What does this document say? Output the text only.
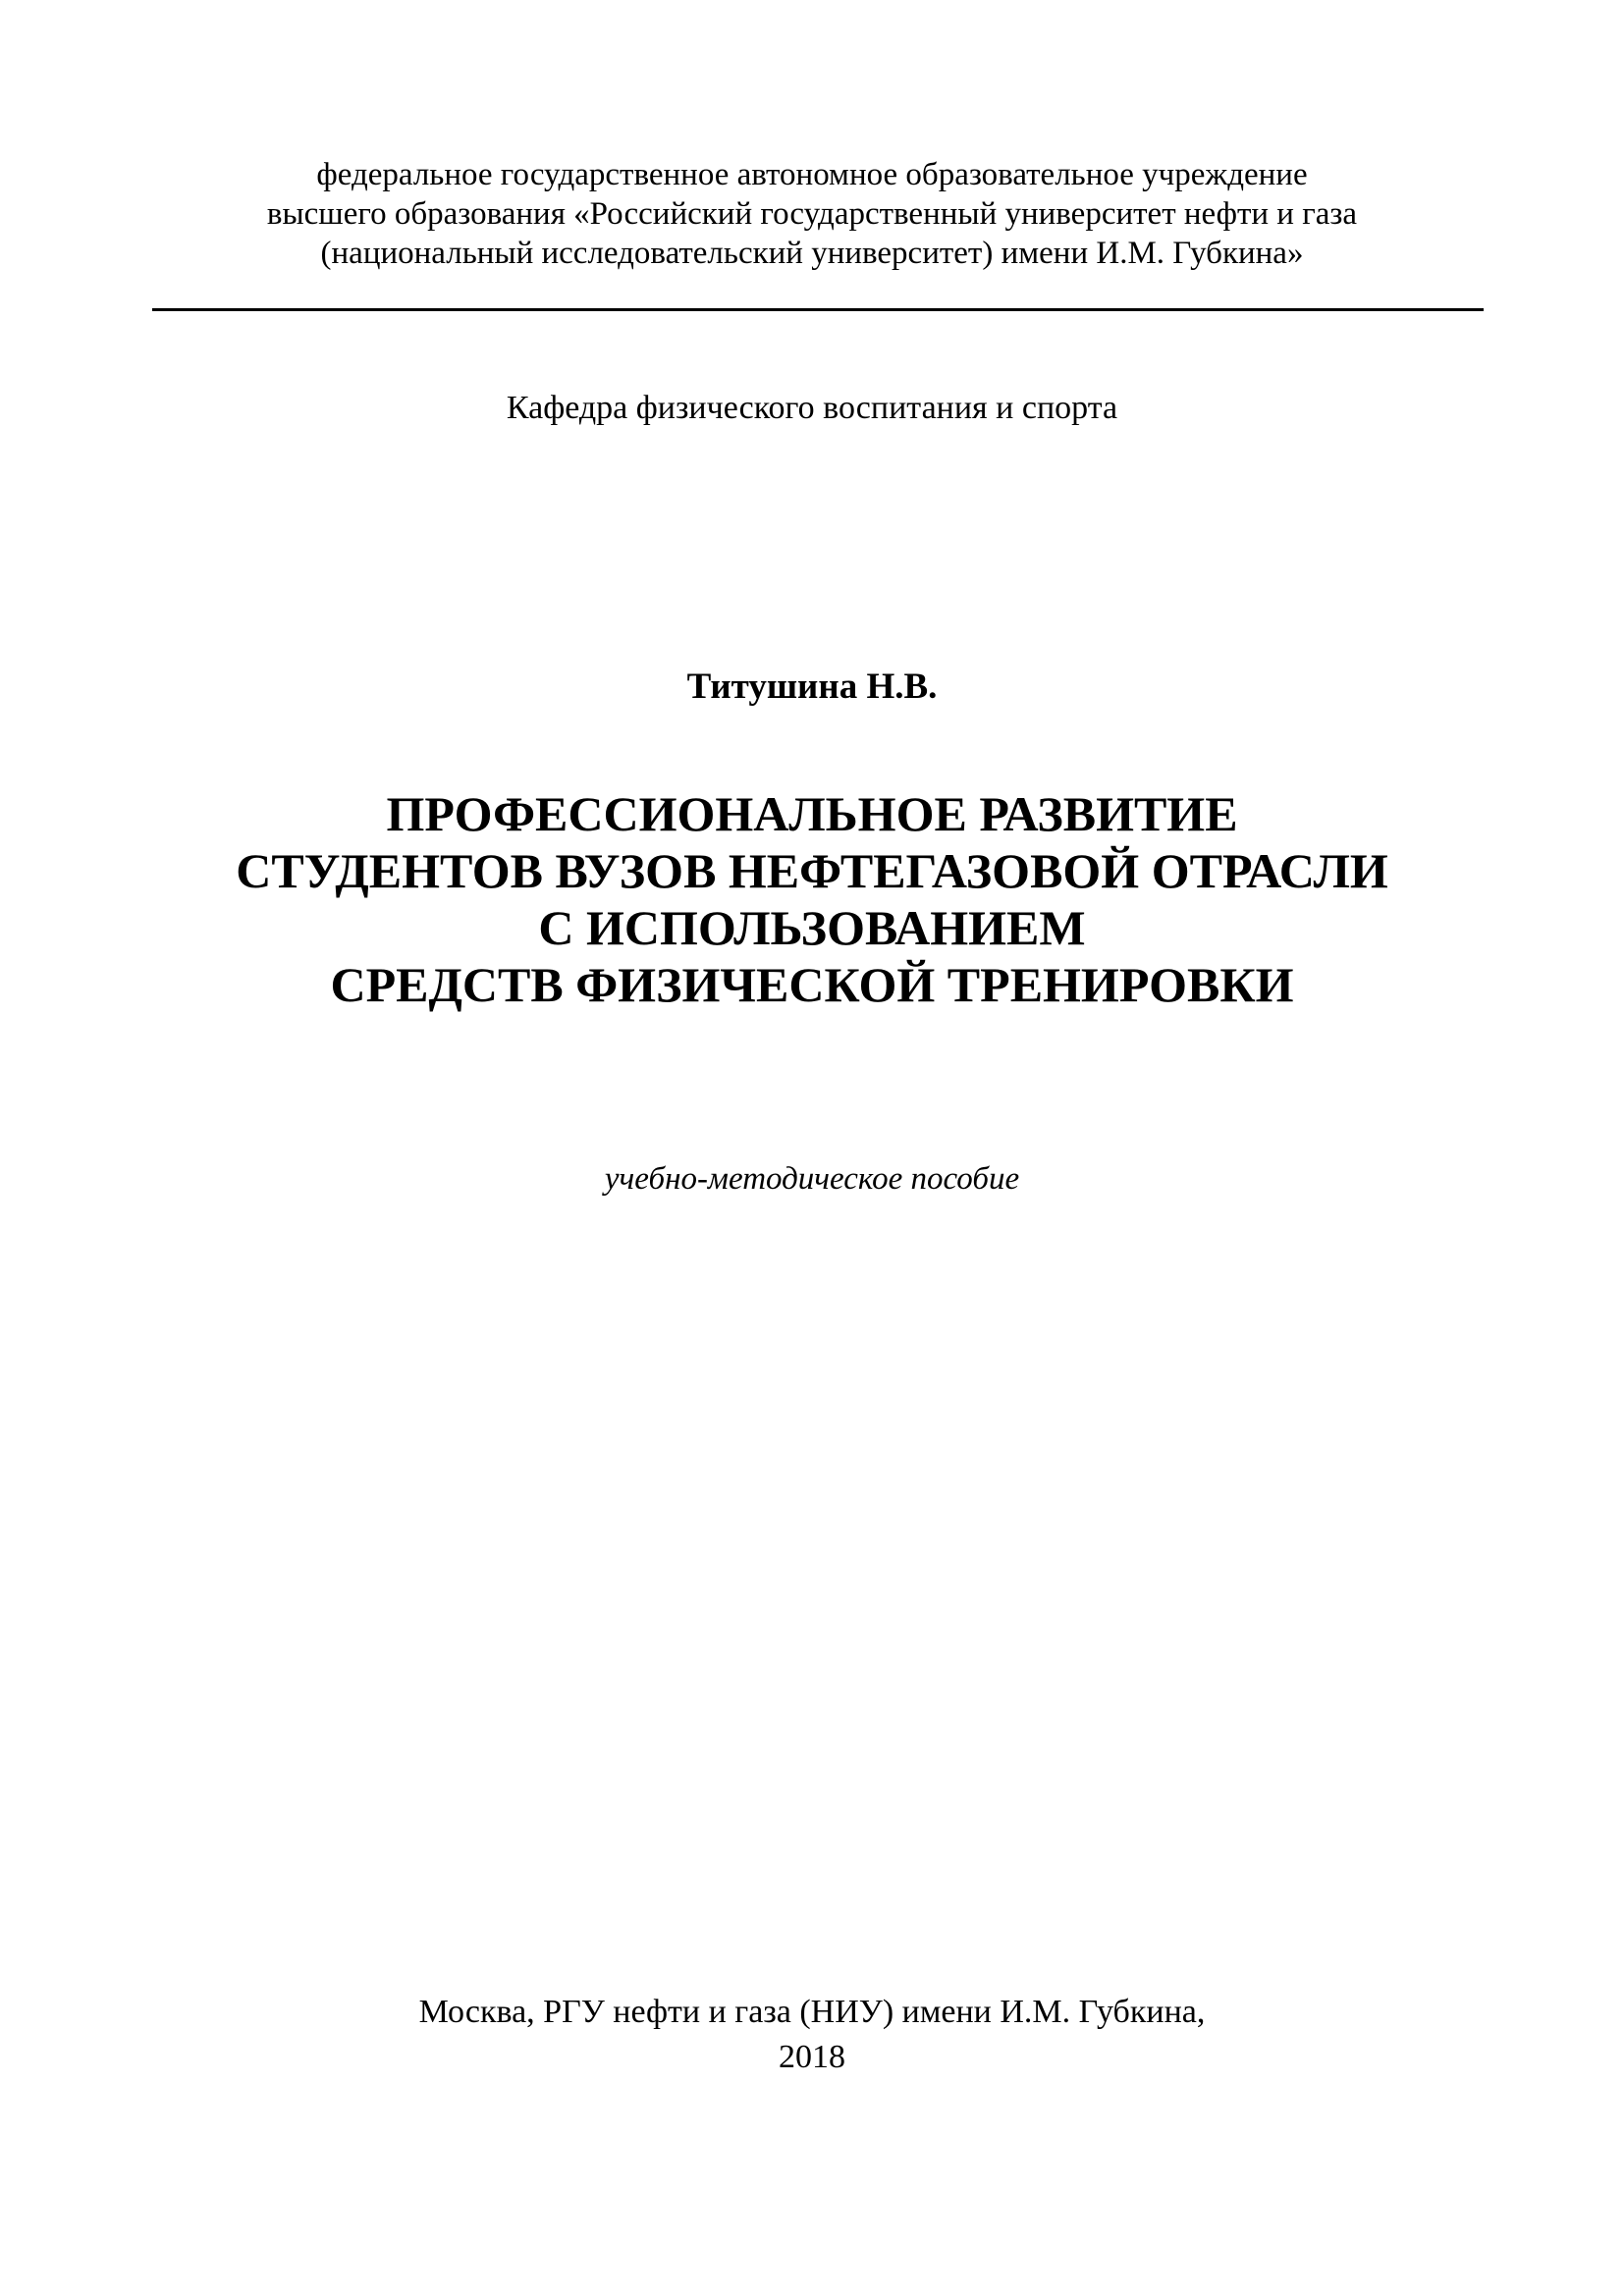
федеральное государственное автономное образовательное учреждение
высшего образования «Российский государственный университет нефти и газа
(национальный исследовательский университет) имени И.М. Губкина»
Кафедра физического воспитания и спорта
Титушина Н.В.
ПРОФЕССИОНАЛЬНОЕ РАЗВИТИЕ
СТУДЕНТОВ ВУЗОВ НЕФТЕГАЗОВОЙ ОТРАСЛИ
С ИСПОЛЬЗОВАНИЕМ
СРЕДСТВ ФИЗИЧЕСКОЙ ТРЕНИРОВКИ
учебно-методическое пособие
Москва, РГУ нефти и газа (НИУ) имени И.М. Губкина,
2018
